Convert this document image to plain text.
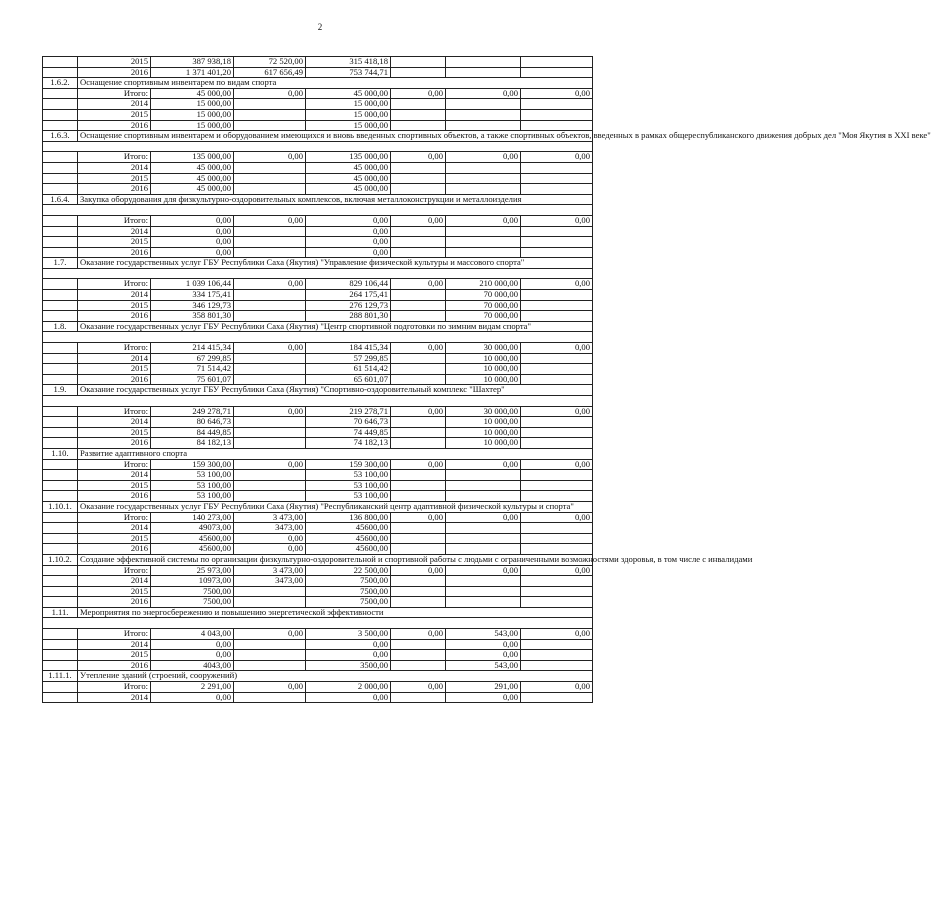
2
	2015	387 938,18	72 520,00	315 418,18			
	2016	1 371 401,20	617 656,49	753 744,71			
1.6.2.	Оснащение спортивным инвентарем по видам спорта						
	Итого:	45 000,00	0,00	45 000,00	0,00	0,00	0,00
	2014	15 000,00		15 000,00			
	2015	15 000,00		15 000,00			
	2016	15 000,00		15 000,00			
1.6.3.	Оснащение спортивным инвентарем и оборудованием имеющихся и вновь введенных спортивных объектов, а также спортивных объектов, введенных в рамках общереспубликанского движения добрых дел "Моя Якутия в XXI веке"						

	Итого:	135 000,00	0,00	135 000,00	0,00	0,00	0,00
	2014	45 000,00		45 000,00			
	2015	45 000,00		45 000,00			
	2016	45 000,00		45 000,00			
1.6.4.	Закупка оборудования для физкультурно-оздоровительных комплексов, включая металлоконструкции и металлоизделия						

	Итого:	0,00	0,00	0,00	0,00	0,00	0,00
	2014	0,00		0,00			
	2015	0,00		0,00			
	2016	0,00		0,00			
1.7.	Оказание государственных услуг ГБУ Республики Саха (Якутия) "Управление физической культуры и массового спорта"						

	Итого:	1 039 106,44	0,00	829 106,44	0,00	210 000,00	0,00
	2014	334 175,41		264 175,41		70 000,00	
	2015	346 129,73		276 129,73		70 000,00	
	2016	358 801,30		288 801,30		70 000,00	
1.8.	Оказание государственных услуг ГБУ Республики Саха (Якутия) "Центр спортивной подготовки по зимним видам спорта"						

	Итого:	214 415,34	0,00	184 415,34	0,00	30 000,00	0,00
	2014	67 299,85		57 299,85		10 000,00	
	2015	71 514,42		61 514,42		10 000,00	
	2016	75 601,07		65 601,07		10 000,00	
1.9.	Оказание государственных услуг ГБУ Республики Саха (Якутия) "Спортивно-оздоровительный комплекс "Шахтер"						

	Итого:	249 278,71	0,00	219 278,71	0,00	30 000,00	0,00
	2014	80 646,73		70 646,73		10 000,00	
	2015	84 449,85		74 449,85		10 000,00	
	2016	84 182,13		74 182,13		10 000,00	
1.10.	Развитие адаптивного спорта						
	Итого:	159 300,00	0,00	159 300,00	0,00	0,00	0,00
	2014	53 100,00		53 100,00			
	2015	53 100,00		53 100,00			
	2016	53 100,00		53 100,00			
1.10.1.	Оказание государственных услуг ГБУ Республики Саха (Якутия) "Республиканский центр адаптивной физической культуры и спорта"						
	Итого:	140 273,00	3 473,00	136 800,00	0,00	0,00	0,00
	2014	49073,00	3473,00	45600,00			
	2015	45600,00	0,00	45600,00			
	2016	45600,00	0,00	45600,00			
1.10.2.	Создание эффективной системы по организации физкультурно-оздоровительной и спортивной работы с людьми с ограниченными возможностями здоровья, в том числе с инвалидами						
	Итого:	25 973,00	3 473,00	22 500,00	0,00	0,00	0,00
	2014	10973,00	3473,00	7500,00			
	2015	7500,00		7500,00			
	2016	7500,00		7500,00			
1.11.	Мероприятия по энергосбережению и повышению энергетической эффективности						

	Итого:	4 043,00	0,00	3 500,00	0,00	543,00	0,00
	2014	0,00		0,00		0,00	
	2015	0,00		0,00		0,00	
	2016	4043,00		3500,00		543,00	
1.11.1.	Утепление зданий (строений, сооружений)						
	Итого:	2 291,00	0,00	2 000,00	0,00	291,00	0,00
	2014	0,00		0,00		0,00	
